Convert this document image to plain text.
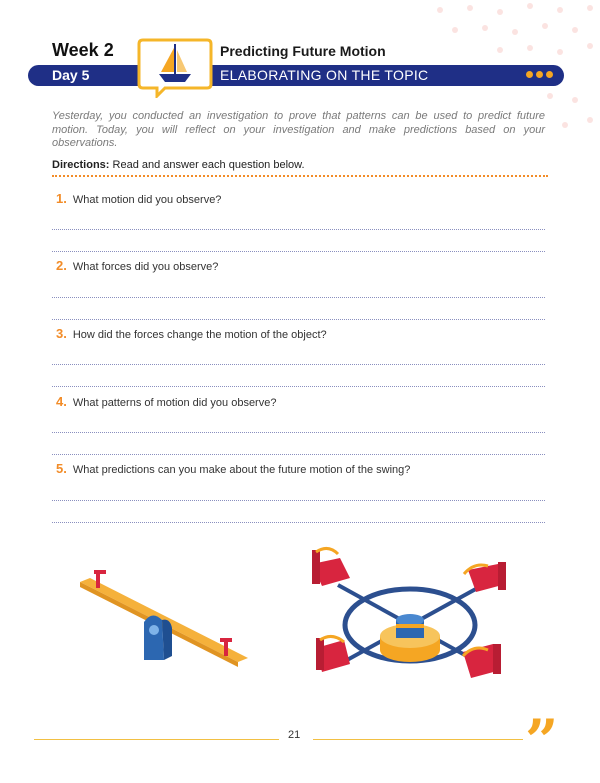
Week 2	Predicting Future Motion
Day 5	ELABORATING ON THE TOPIC
Yesterday, you conducted an investigation to prove that patterns can be used to predict future motion. Today, you will reflect on your investigation and make predictions based on your observations.
Directions: Read and answer each question below.
1. What motion did you observe?
2. What forces did you observe?
3. How did the forces change the motion of the object?
4. What patterns of motion did you observe?
5. What predictions can you make about the future motion of the swing?
21	”
